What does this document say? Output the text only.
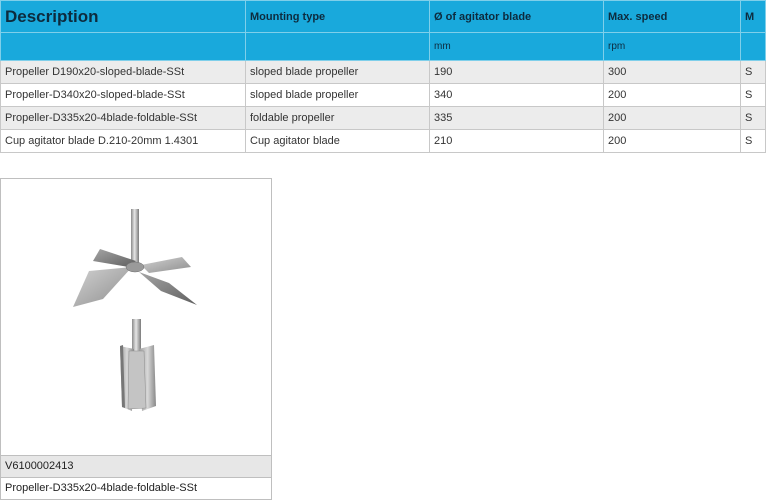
Description	Mounting type	Ø of agitator blade	Max. speed	M
		mm	rpm	
Propeller D190x20-sloped-blade-SSt	sloped blade propeller	190	300	S
Propeller-D340x20-sloped-blade-SSt	sloped blade propeller	340	200	S
Propeller-D335x20-4blade-foldable-SSt	foldable propeller	335	200	S
Cup agitator blade D.210-20mm 1.4301	Cup agitator blade	210	200	S
V6100002413
Propeller-D335x20-4blade-foldable-SSt
